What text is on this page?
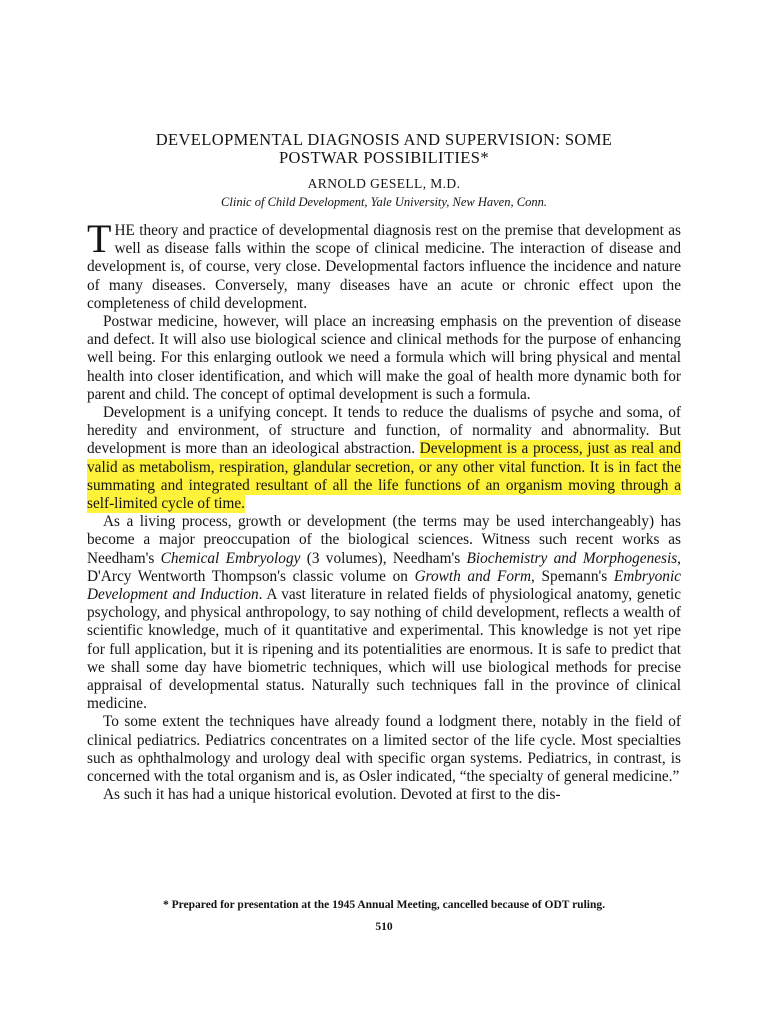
DEVELOPMENTAL DIAGNOSIS AND SUPERVISION: SOME
POSTWAR POSSIBILITIES*
ARNOLD GESELL, M.D.
Clinic of Child Development, Yale University, New Haven, Conn.

THE theory and practice of developmental diagnosis rest on the premise that development as well as disease falls within the scope of clinical medicine. The interaction of disease and development is, of course, very close. Developmental factors influence the incidence and nature of many diseases. Conversely, many diseases have an acute or chronic effect upon the completeness of child development.

Postwar medicine, however, will place an increasing emphasis on the prevention of disease and defect. It will also use biological science and clinical methods for the purpose of enhancing well being. For this enlarging outlook we need a formula which will bring physical and mental health into closer identification, and which will make the goal of health more dynamic both for parent and child. The concept of optimal development is such a formula.

Development is a unifying concept. It tends to reduce the dualisms of psyche and soma, of heredity and environment, of structure and function, of normality and abnormality. But development is more than an ideological abstraction. Development is a process, just as real and valid as metabolism, respiration, glandular secretion, or any other vital function. It is in fact the summating and integrated resultant of all the life functions of an organism moving through a self-limited cycle of time.

As a living process, growth or development (the terms may be used interchangeably) has become a major preoccupation of the biological sciences. Witness such recent works as Needham's Chemical Embryology (3 volumes), Needham's Biochemistry and Morphogenesis, D'Arcy Wentworth Thompson's classic volume on Growth and Form, Spemann's Embryonic Development and Induction. A vast literature in related fields of physiological anatomy, genetic psychology, and physical anthropology, to say nothing of child development, reflects a wealth of scientific knowledge, much of it quantitative and experimental. This knowledge is not yet ripe for full application, but it is ripening and its potentialities are enormous. It is safe to predict that we shall some day have biometric techniques, which will use biological methods for precise appraisal of developmental status. Naturally such techniques fall in the province of clinical medicine.

To some extent the techniques have already found a lodgment there, notably in the field of clinical pediatrics. Pediatrics concentrates on a limited sector of the life cycle. Most specialties such as ophthalmology and urology deal with specific organ systems. Pediatrics, in contrast, is concerned with the total organism and is, as Osler indicated, “the specialty of general medicine.”

As such it has had a unique historical evolution. Devoted at first to the dis-

* Prepared for presentation at the 1945 Annual Meeting, cancelled because of ODT ruling.
510
